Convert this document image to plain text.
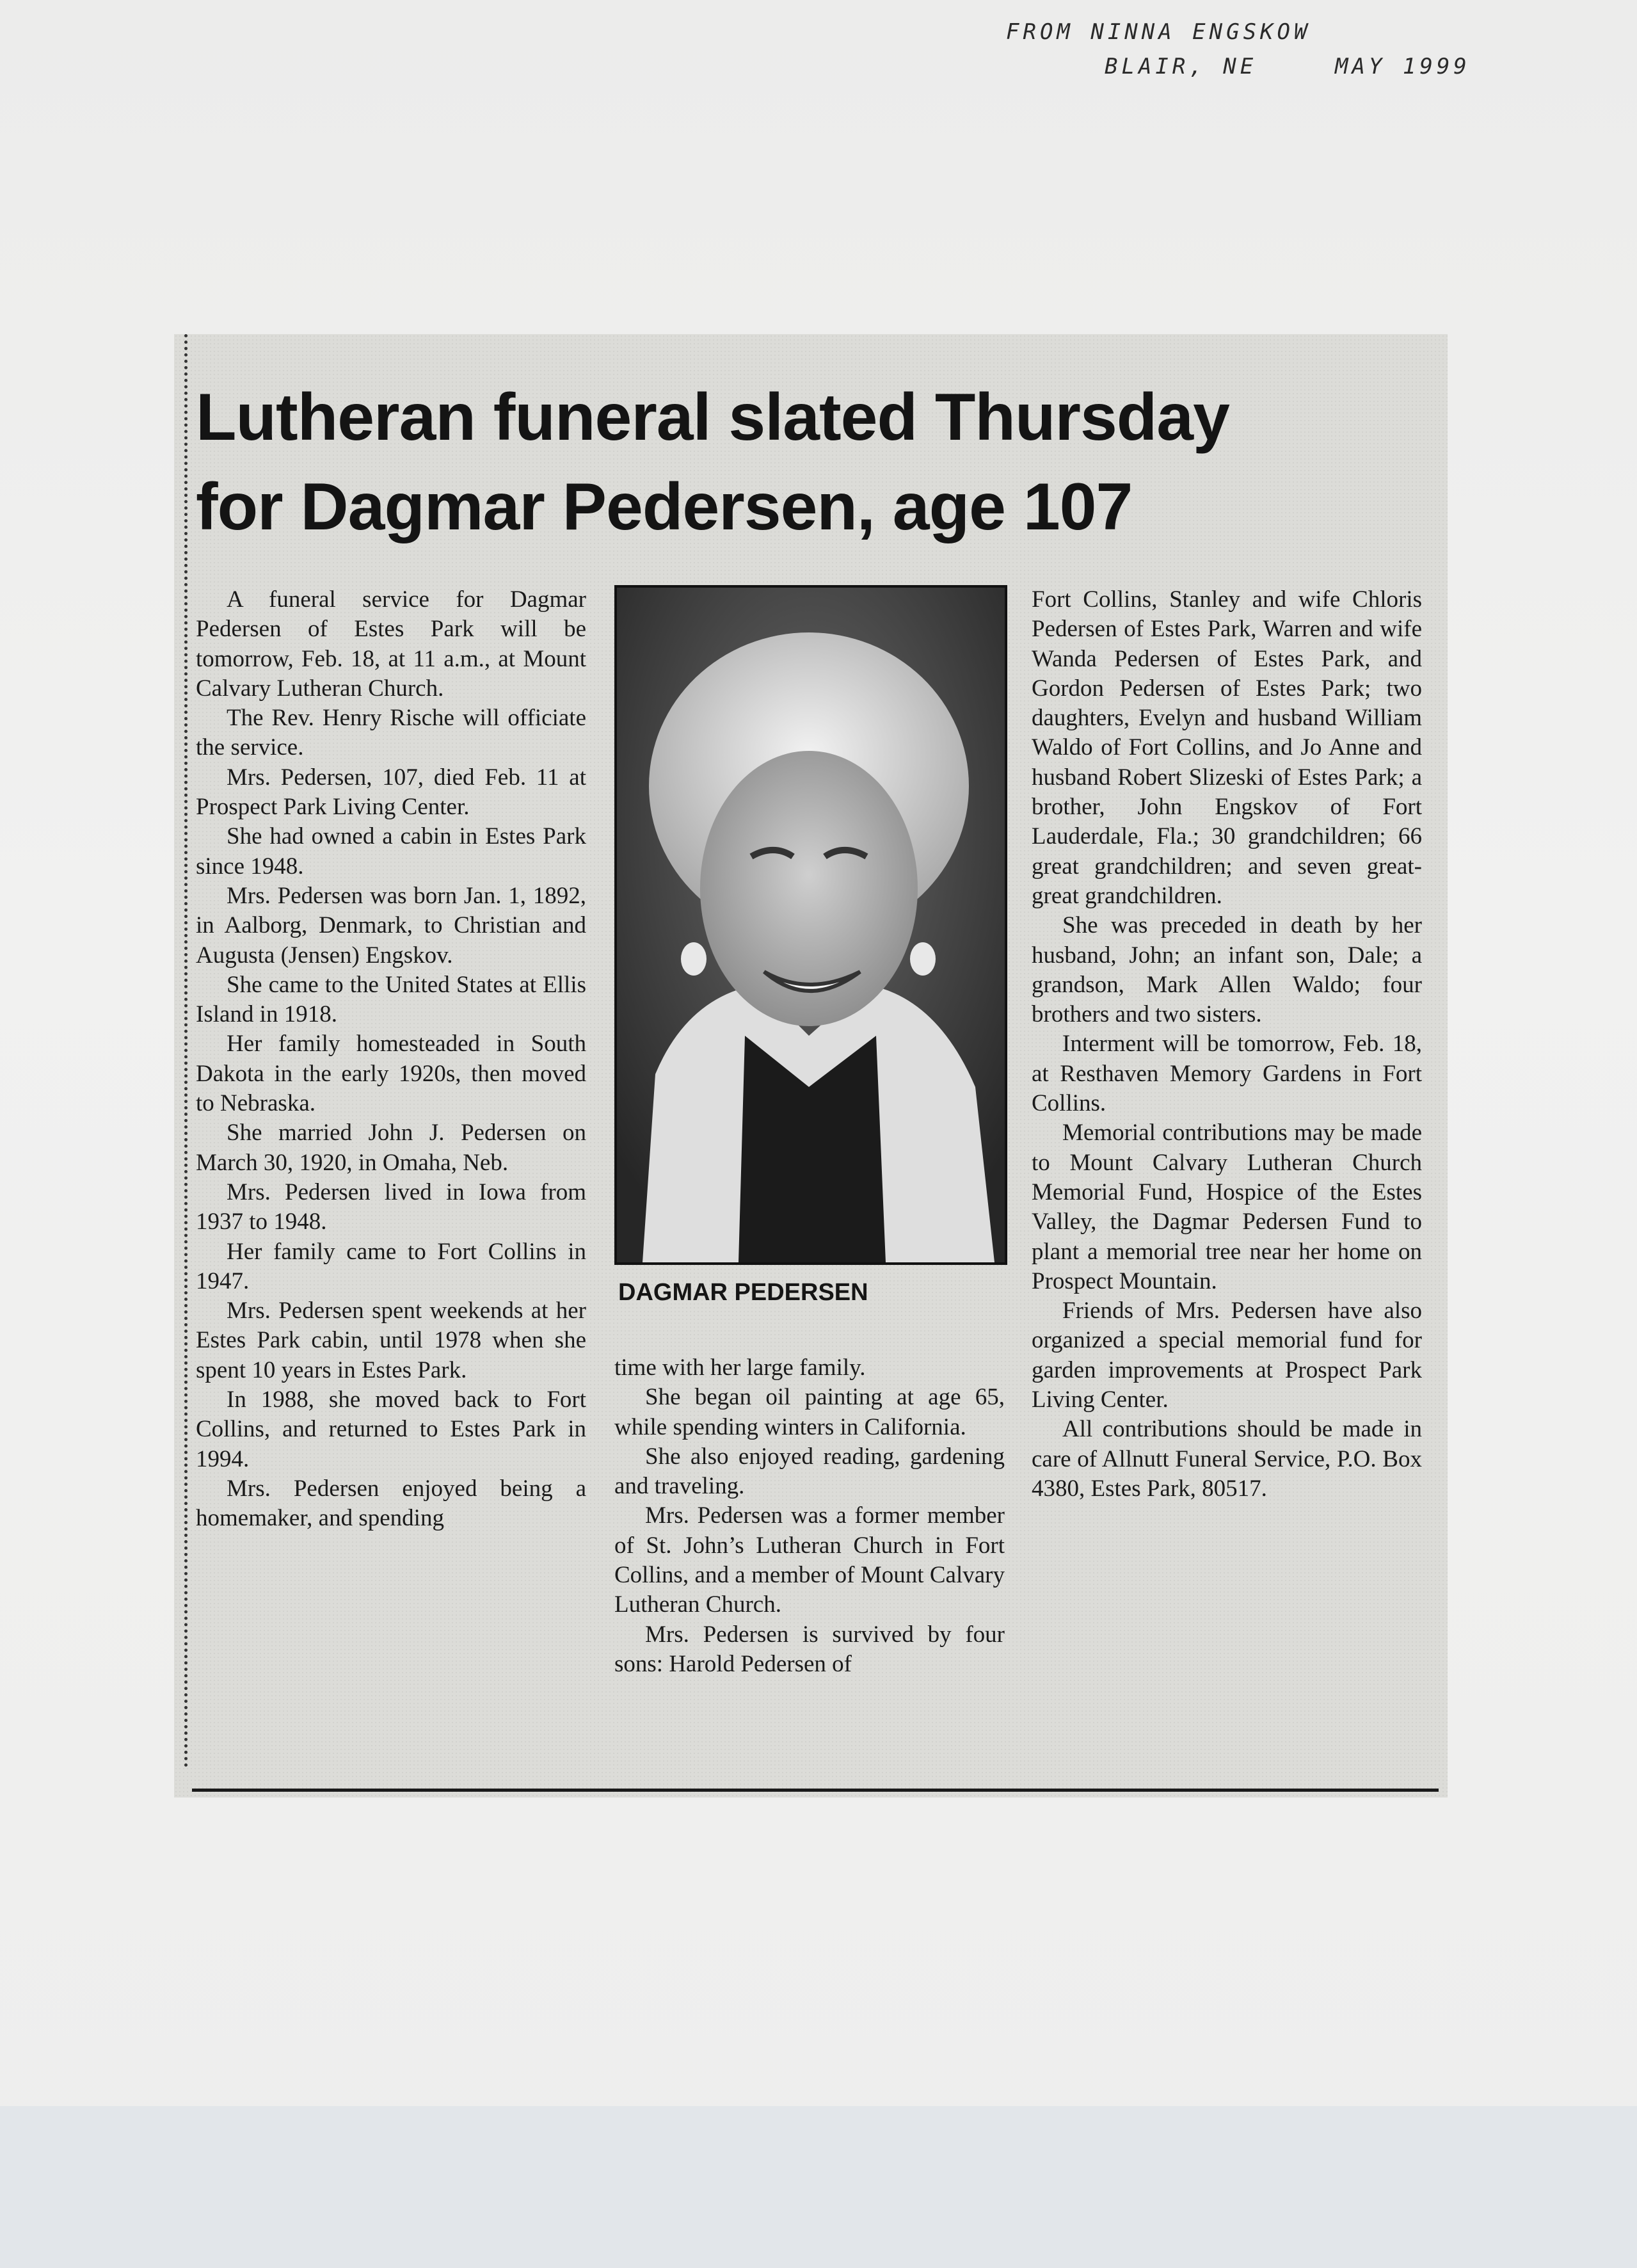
FROM NINNA ENGSKOW
BLAIR, NE	MAY 1999
Lutheran funeral slated Thursday
for Dagmar Pedersen, age 107

A funeral service for Dagmar Pedersen of Estes Park will be tomorrow, Feb. 18, at 11 a.m., at Mount Calvary Lutheran Church.

The Rev. Henry Rische will officiate the service.

Mrs. Pedersen, 107, died Feb. 11 at Prospect Park Living Center.

She had owned a cabin in Estes Park since 1948.

Mrs. Pedersen was born Jan. 1, 1892, in Aalborg, Denmark, to Christian and Augusta (Jensen) Engskov.

She came to the United States at Ellis Island in 1918.

Her family homesteaded in South Dakota in the early 1920s, then moved to Nebraska.

She married John J. Pedersen on March 30, 1920, in Omaha, Neb.

Mrs. Pedersen lived in Iowa from 1937 to 1948.

Her family came to Fort Collins in 1947.

Mrs. Pedersen spent weekends at her Estes Park cabin, until 1978 when she spent 10 years in Estes Park.

In 1988, she moved back to Fort Collins, and returned to Estes Park in 1994.

Mrs. Pedersen enjoyed being a homemaker, and spending

DAGMAR PEDERSEN

time with her large family.

She began oil painting at age 65, while spending winters in California.

She also enjoyed reading, gardening and traveling.

Mrs. Pedersen was a former member of St. John’s Lutheran Church in Fort Collins, and a member of Mount Calvary Lutheran Church.

Mrs. Pedersen is survived by four sons: Harold Pedersen of

Fort Collins, Stanley and wife Chloris Pedersen of Estes Park, Warren and wife Wanda Pedersen of Estes Park, and Gordon Pedersen of Estes Park; two daughters, Evelyn and husband William Waldo of Fort Collins, and Jo Anne and husband Robert Slizeski of Estes Park; a brother, John Engskov of Fort Lauderdale, Fla.; 30 grandchildren; 66 great grandchildren; and seven great-great grandchildren.

She was preceded in death by her husband, John; an infant son, Dale; a grandson, Mark Allen Waldo; four brothers and two sisters.

Interment will be tomorrow, Feb. 18, at Resthaven Memory Gardens in Fort Collins.

Memorial contributions may be made to Mount Calvary Lutheran Church Memorial Fund, Hospice of the Estes Valley, the Dagmar Pedersen Fund to plant a memorial tree near her home on Prospect Mountain.

Friends of Mrs. Pedersen have also organized a special memorial fund for garden improvements at Prospect Park Living Center.

All contributions should be made in care of Allnutt Funeral Service, P.O. Box 4380, Estes Park, 80517.
